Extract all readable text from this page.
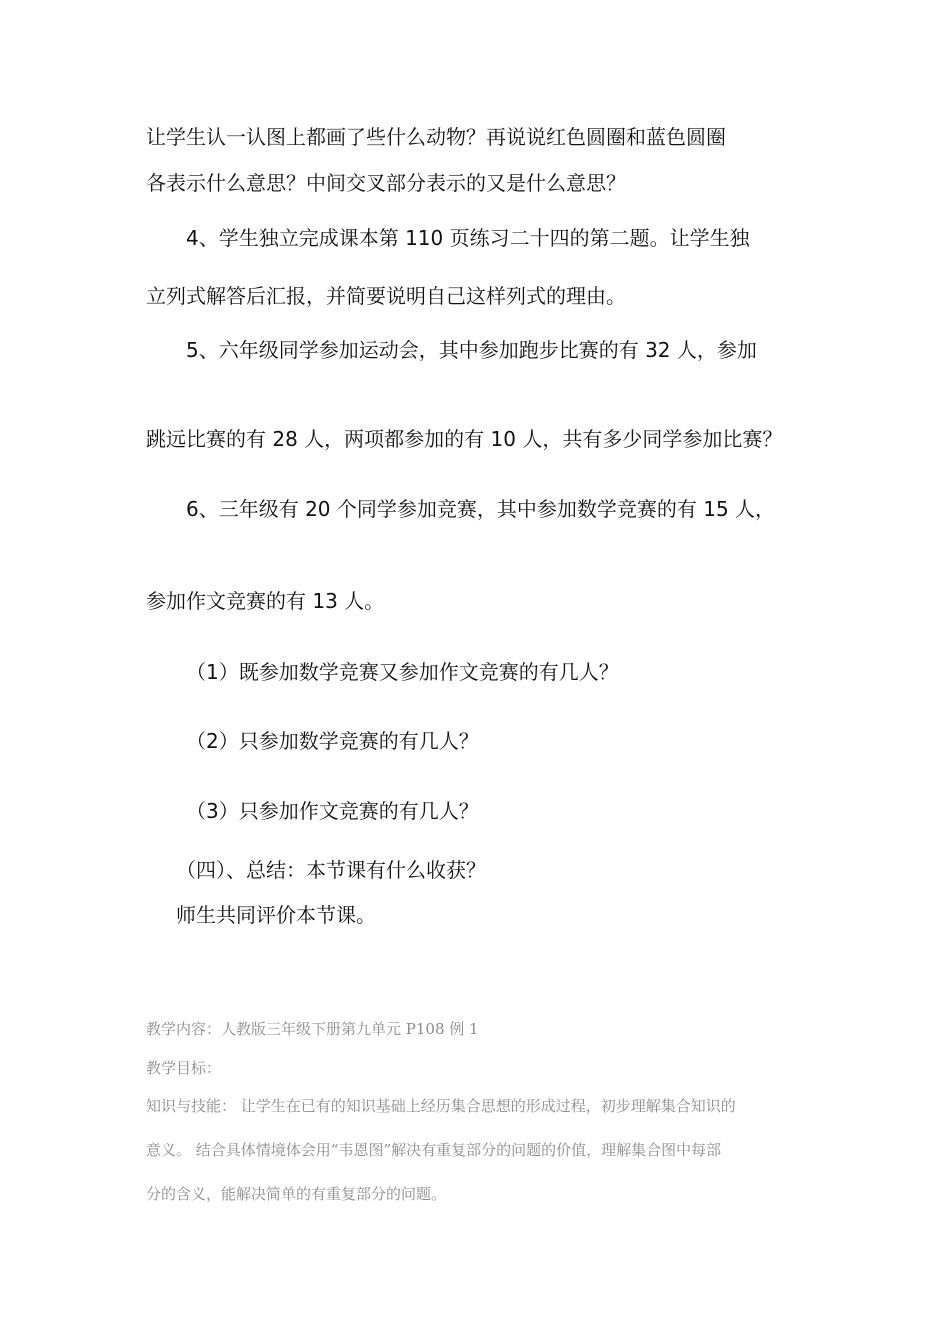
让学生认一认图上都画了些什么动物？再说说红色圆圈和蓝色圆圈
各表示什么意思？中间交叉部分表示的又是什么意思？
4、学生独立完成课本第 110 页练习二十四的第二题。让学生独
立列式解答后汇报，并简要说明自己这样列式的理由。
5、六年级同学参加运动会，其中参加跑步比赛的有 32 人，参加
跳远比赛的有 28 人，两项都参加的有 10 人，共有多少同学参加比赛？
6、三年级有 20 个同学参加竞赛，其中参加数学竞赛的有 15 人，
参加作文竞赛的有 13 人。
（1）既参加数学竞赛又参加作文竞赛的有几人？
（2）只参加数学竞赛的有几人？
（3）只参加作文竞赛的有几人？
（四）、总结：本节课有什么收获？
师生共同评价本节课。
教学内容：人教版三年级下册第九单元 P108 例 1
教学目标：
知识与技能： 让学生在已有的知识基础上经历集合思想的形成过程，初步理解集合知识的
意义。 结合具体情境体会用“韦恩图”解决有重复部分的问题的价值，理解集合图中每部
分的含义，能解决简单的有重复部分的问题。
